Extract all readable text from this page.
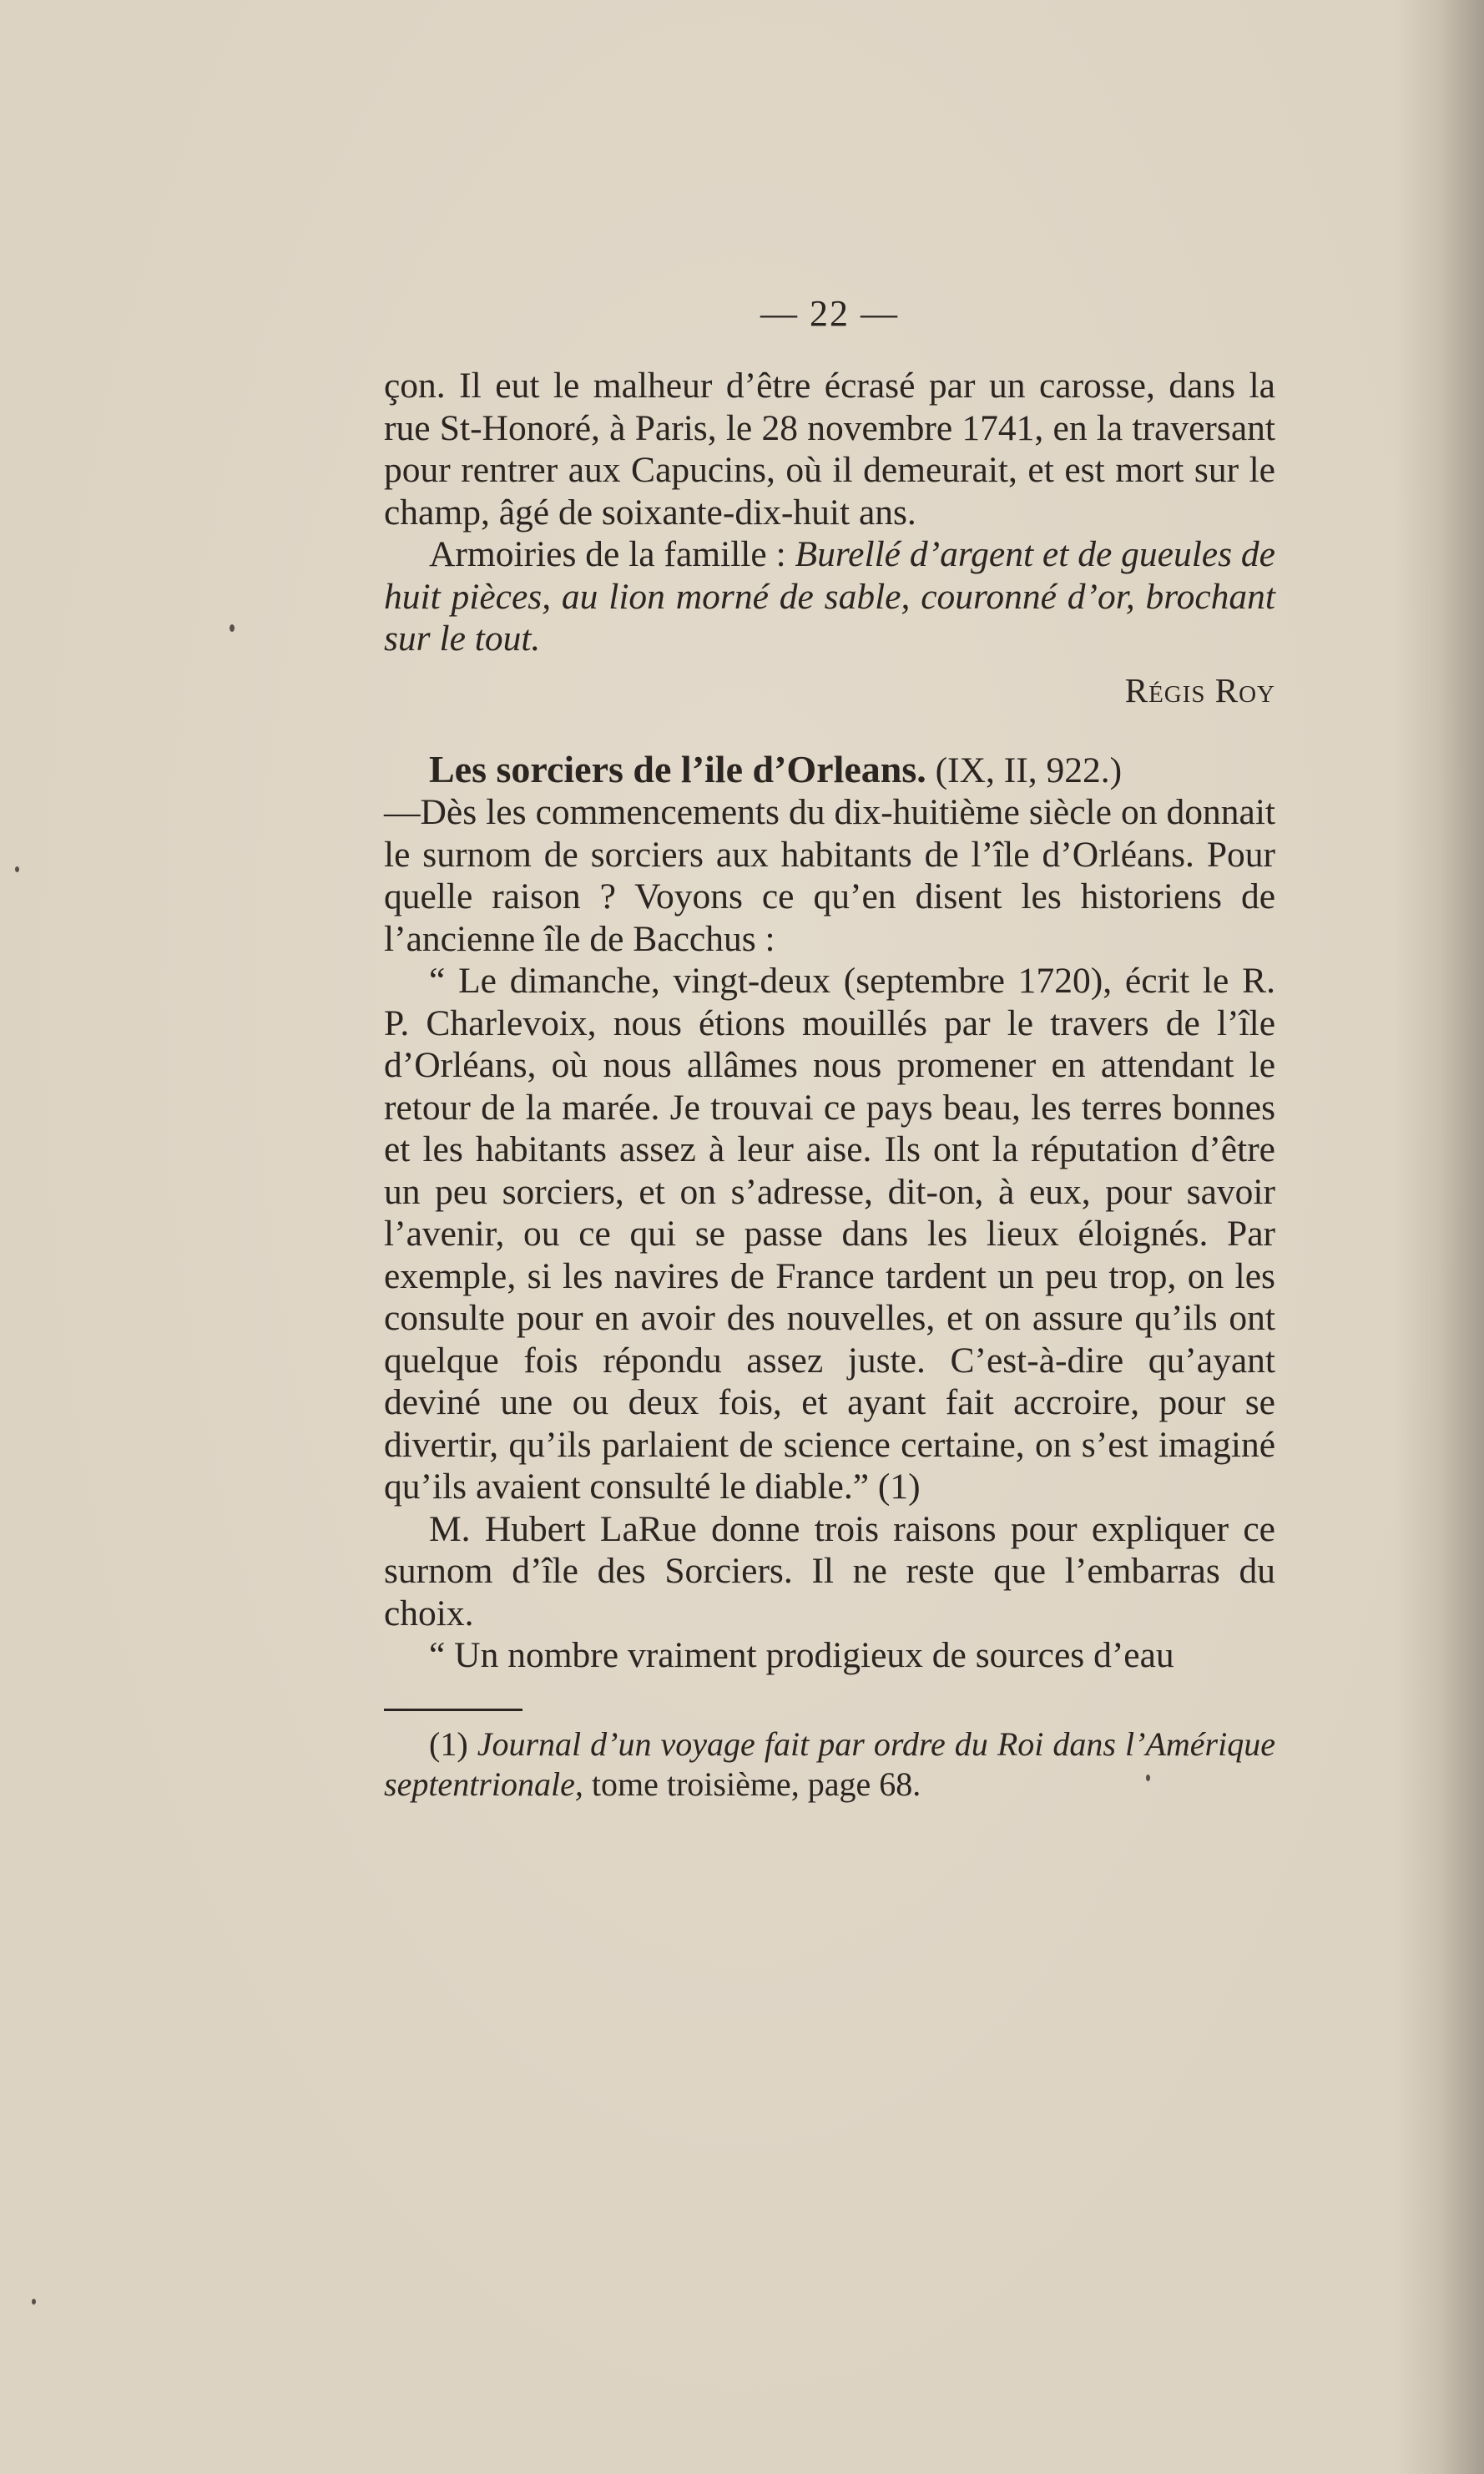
— 22 —

çon. Il eut le malheur d’être écrasé par un carosse, dans la rue St-Honoré, à Paris, le 28 novembre 1741, en la traversant pour rentrer aux Capucins, où il demeurait, et est mort sur le champ, âgé de soixante-dix-huit ans.

Armoiries de la famille : Burellé d’argent et de gueules de huit pièces, au lion morné de sable, couronné d’or, brochant sur le tout.

Régis Roy

Les sorciers de l’ile d’Orleans. (IX, II, 922.)

—Dès les commencements du dix-huitième siècle on donnait le surnom de sorciers aux habitants de l’île d’Orléans. Pour quelle raison ? Voyons ce qu’en disent les historiens de l’ancienne île de Bacchus :

“ Le dimanche, vingt-deux (septembre 1720), écrit le R. P. Charlevoix, nous étions mouillés par le travers de l’île d’Orléans, où nous allâmes nous promener en attendant le retour de la marée. Je trouvai ce pays beau, les terres bonnes et les habitants assez à leur aise. Ils ont la réputation d’être un peu sorciers, et on s’adresse, dit-on, à eux, pour savoir l’avenir, ou ce qui se passe dans les lieux éloignés. Par exemple, si les navires de France tardent un peu trop, on les consulte pour en avoir des nouvelles, et on assure qu’ils ont quelque fois répondu assez juste. C’est-à-dire qu’ayant deviné une ou deux fois, et ayant fait accroire, pour se divertir, qu’ils parlaient de science certaine, on s’est imaginé qu’ils avaient consulté le diable.” (1)

M. Hubert LaRue donne trois raisons pour expliquer ce surnom d’île des Sorciers. Il ne reste que l’embarras du choix.

“ Un nombre vraiment prodigieux de sources d’eau

(1) Journal d’un voyage fait par ordre du Roi dans l’Amérique septentrionale, tome troisième, page 68.
